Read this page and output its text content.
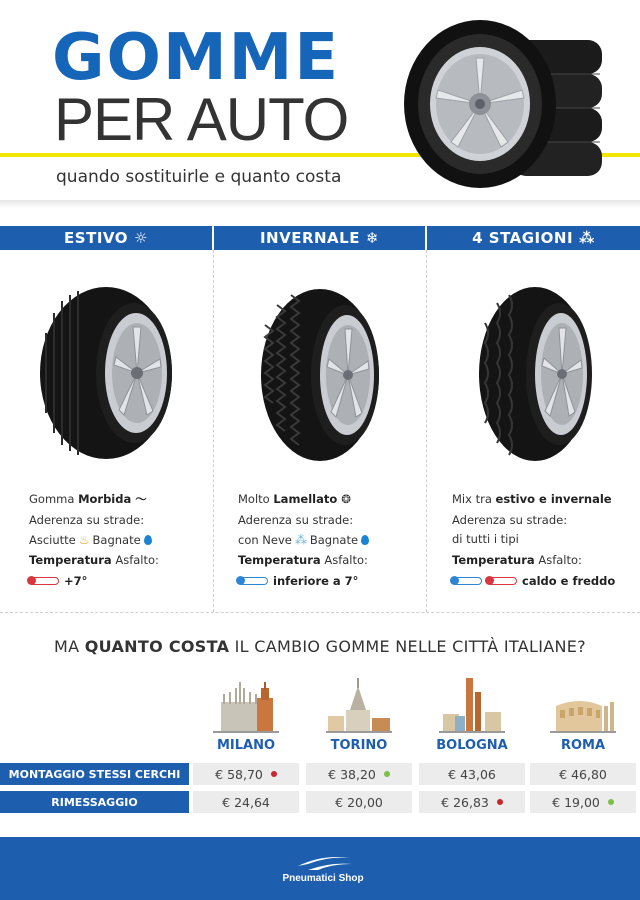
GOMME
PER AUTO
quando sostituirle e quanto costa
ESTIVO ☼	INVERNALE ❄	4 STAGIONI ⁂
Gomma Morbida ～
Aderenza su strade:
Asciutte ♨ Bagnate
Temperatura Asfalto:
+7°
Molto Lamellato ❂
Aderenza su strade:
con Neve ⁂ Bagnate
Temperatura Asfalto:
inferiore a 7°
Mix tra estivo e invernale
Aderenza su strade:
di tutti i tipi
Temperatura Asfalto:
caldo e freddo
MA QUANTO COSTA IL CAMBIO GOMME NELLE CITTÀ ITALIANE?
MILANO	TORINO	BOLOGNA	ROMA
MONTAGGIO STESSI CERCHI	€ 58,70	€ 38,20	€ 43,06	€ 46,80
RIMESSAGGIO	€ 24,64	€ 20,00	€ 26,83	€ 19,00
Pneumatici Shop
